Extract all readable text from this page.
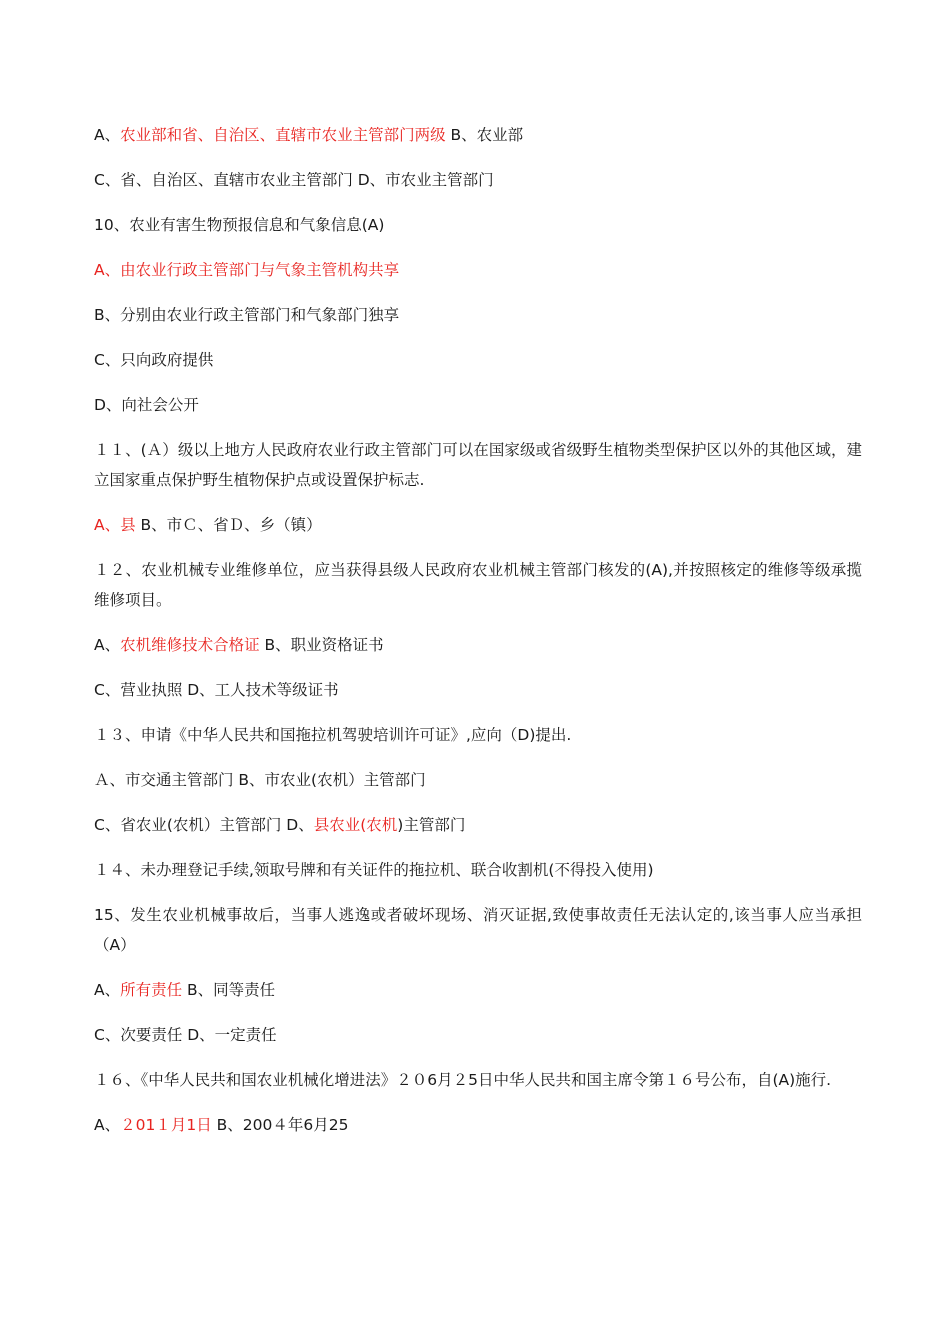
A、农业部和省、自治区、直辖市农业主管部门两级 B、农业部
C、省、自治区、直辖市农业主管部门 D、市农业主管部门
10、农业有害生物预报信息和气象信息(A)
A、由农业行政主管部门与气象主管机构共享
B、分别由农业行政主管部门和气象部门独享
C、只向政府提供
D、向社会公开
１１、(Ａ）级以上地方人民政府农业行政主管部门可以在国家级或省级野生植物类型保护区以外的其他区域，建立国家重点保护野生植物保护点或设置保护标志.
A、县 B、市Ｃ、省Ｄ、乡（镇）
１２、农业机械专业维修单位，应当获得县级人民政府农业机械主管部门核发的(A),并按照核定的维修等级承揽维修项目。
A、农机维修技术合格证 B、职业资格证书
C、营业执照 D、工人技术等级证书
１３、申请《中华人民共和国拖拉机驾驶培训许可证》,应向（D)提出.
Ａ、市交通主管部门 B、市农业(农机）主管部门
C、省农业(农机）主管部门 D、县农业(农机)主管部门
１４、未办理登记手续,领取号牌和有关证件的拖拉机、联合收割机(不得投入使用)
15、发生农业机械事故后，当事人逃逸或者破坏现场、消灭证据,致使事故责任无法认定的,该当事人应当承担（A）
A、所有责任 B、同等责任
C、次要责任 D、一定责任
１６、《中华人民共和国农业机械化增进法》２０6月２5日中华人民共和国主席令第１６号公布，自(A)施行.
A、２01１月1日 B、200４年6月25
